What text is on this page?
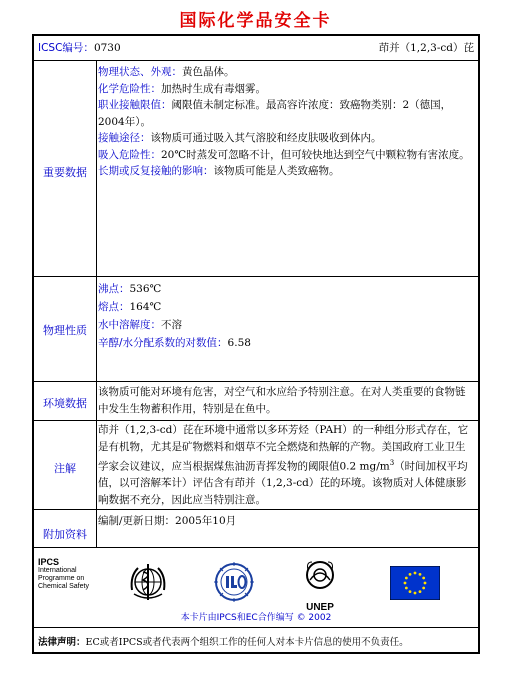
国际化学品安全卡
ICSC编号：0730	茚并（1,2,3-cd）芘
重要数据
物理状态、外观：黄色晶体。
化学危险性：加热时生成有毒烟雾。
职业接触限值：阈限值未制定标准。最高容许浓度：致癌物类别：2（德国，2004年）。
接触途径：该物质可通过吸入其气溶胶和经皮肤吸收到体内。
吸入危险性：20℃时蒸发可忽略不计，但可较快地达到空气中颗粒物有害浓度。
长期或反复接触的影响：该物质可能是人类致癌物。
物理性质
沸点：536℃
熔点：164℃
水中溶解度：不溶
辛醇/水分配系数的对数值：6.58
环境数据
该物质可能对环境有危害，对空气和水应给予特别注意。在对人类重要的食物链中发生生物蓄积作用，特别是在鱼中。
注解
茚并（1,2,3-cd）芘在环境中通常以多环芳烃（PAH）的一种组分形式存在，它是有机物，尤其是矿物燃料和烟草不完全燃烧和热解的产物。美国政府工业卫生学家会议建议，应当根据煤焦油沥青挥发物的阈限值0.2 $mg/m^3$（时间加权平均值，以可溶解苯计）评估含有茚并（1,2,3-cd）芘的环境。该物质对人体健康影响数据不充分，因此应当特别注意。
附加资料
编制/更新日期：2005年10月
IPCS
International
Programme on
Chemical Safety
UNEP
本卡片由IPCS和EC合作编写 © 2002
法律声明：EC或者IPCS或者代表两个组织工作的任何人对本卡片信息的使用不负责任。
